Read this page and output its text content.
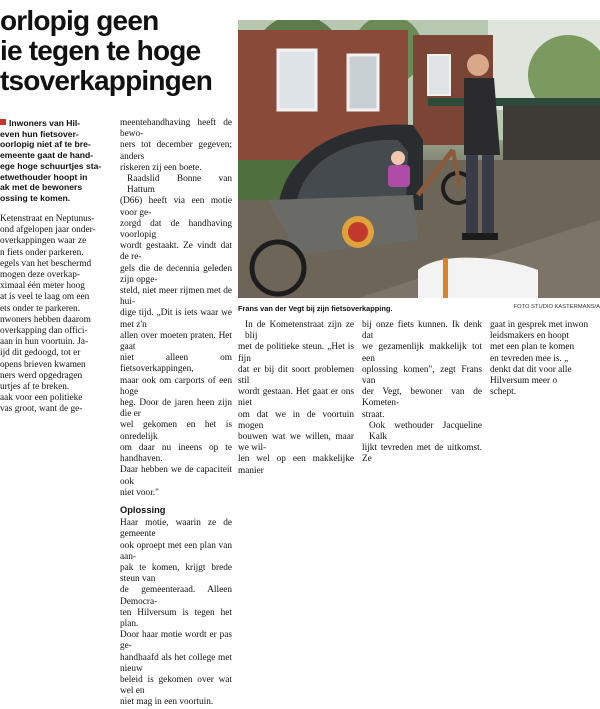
orlopig geen
ie tegen te hoge
tsoverkappingen
Inwoners van Hil-
even hun fietsover-
oorlopig niet af te bre-
emeente gaat de hand-
ege hoge schuurtjes sta-
etwethouder hoopt in
ak met de bewoners
ossing te komen.
Ketenstraat en Neptunus-
ond afgelopen jaar onder-
overkappingen waar ze
n fiets onder parkeren.
egels van het beschermd
mogen deze overkap-
ximaal één meter hoog
at is veel te laag om een
ets onder te parkeren.
nwoners hebben daarom
overkapping dan offici-
aan in hun voortuin. Ja-
ijd dit gedoogd, tot er
opens brieven kwamen
ners werd opgedragen
urtjes af te breken.
aak voor een politieke
vas groot, want de ge-
meentehandhaving heeft de bewo-
ners tot december gegeven; anders
riskeren zij een boete.
Raadslid Bonne van Hattum
(D66) heeft via een motie voor ge-
zorgd dat de handhaving voorlopig
wordt gestaakt. Ze vindt dat de re-
gels die de decennia geleden zijn opge-
steld, niet meer rijmen met de hui-
dige tijd. „Dit is iets waar we met z'n
allen over moeten praten. Het gaat
niet alleen om fietsoverkappingen,
maar ook om carports of een hoge
heg. Door de jaren heen zijn die er
wel gekomen en het is onredelijk
om daar nu ineens op te handhaven.
Daar hebben we de capaciteit ook
niet voor."
Oplossing
Haar motie, waarin ze de gemeente
ook oproept met een plan van aan-
pak te komen, krijgt brede steun van
de gemeenteraad. Alleen Democra-
ten Hilversum is tegen het plan.
Door haar motie wordt er pas ge-
handhaafd als het college met nieuw
beleid is gekomen over wat wel en
niet mag in een voortuin.
Frans van der Vegt bij zijn fietsoverkapping.	FOTO STUDIO KASTERMANS/A
In de Kometenstraat zijn ze blij
met de politieke steun. „Het is fijn
dat er bij dit soort problemen stil
wordt gestaan. Het gaat er ons niet
om dat we in de voortuin mogen
bouwen wat we willen, maar we wil-
len wel op een makkelijke manier
bij onze fiets kunnen. Ik denk dat
we gezamenlijk makkelijk tot een
oplossing komen", zegt Frans van
der Vegt, bewoner van de Kometen-
straat.
Ook wethouder Jacqueline Kalk
lijkt tevreden met de uitkomst. Ze
gaat in gesprek met inwon
leidsmakers en hoopt
met een plan te komen
en tevreden mee is. „
denkt dat dit voor alle
Hilversum meer o
schept.
